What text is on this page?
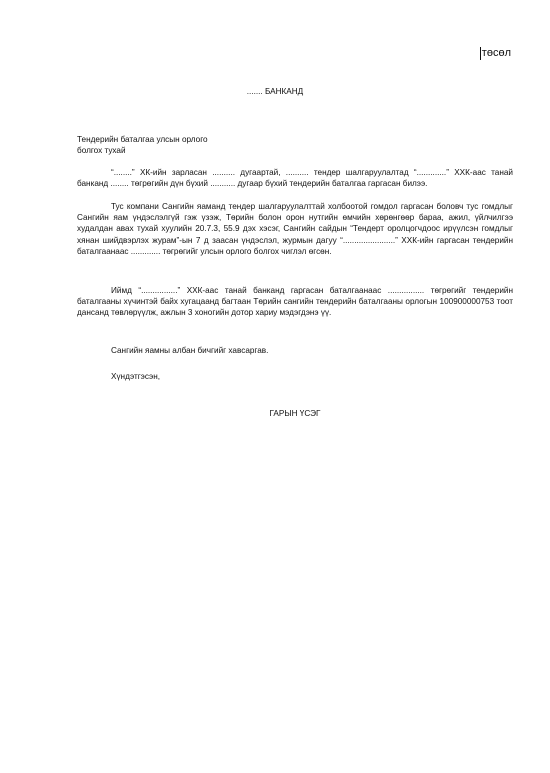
төсөл
....... БАНКАНД
Тендерийн баталгаа улсын орлого
болгох тухай

“........” ХК-ийн зарласан .......... дугаартай, .......... тендер шалгаруулалтад “.............” ХХК-аас танай банканд ........ төгрөгийн дүн бүхий ........... дугаар бүхий тендерийн баталгаа гаргасан билээ.

Тус компани Сангийн яаманд тендер шалгаруулалттай холбоотой гомдол гаргасан боловч тус гомдлыг Сангийн яам үндэслэлгүй гэж үзэж, Төрийн болон орон нутгийн өмчийн хөрөнгөөр бараа, ажил, үйлчилгээ худалдан авах тухай хуулийн 20.7.3, 55.9 дэх хэсэг, Сангийн сайдын “Тендерт оролцогчдоос ирүүлсэн гомдлыг хянан шийдвэрлэх журам”-ын 7 д заасан үндэслэл, журмын дагуу “.......................” ХХК-ийн гаргасан тендерийн баталгаанаас ............. төгрөгийг улсын орлого болгох чиглэл өгсөн.

Иймд “................” ХХК-аас танай банканд гаргасан баталгаанаас ................ төгрөгийг тендерийн баталгааны хүчинтэй байх хугацаанд багтаан Төрийн сангийн тендерийн баталгааны орлогын 100900000753 тоот дансанд төвлөрүүлж, ажлын 3 хоногийн дотор хариу мэдэгдэнэ үү.

Сангийн яамны албан бичгийг хавсаргав.
Хүндэтгэсэн,
ГАРЫН ҮСЭГ
